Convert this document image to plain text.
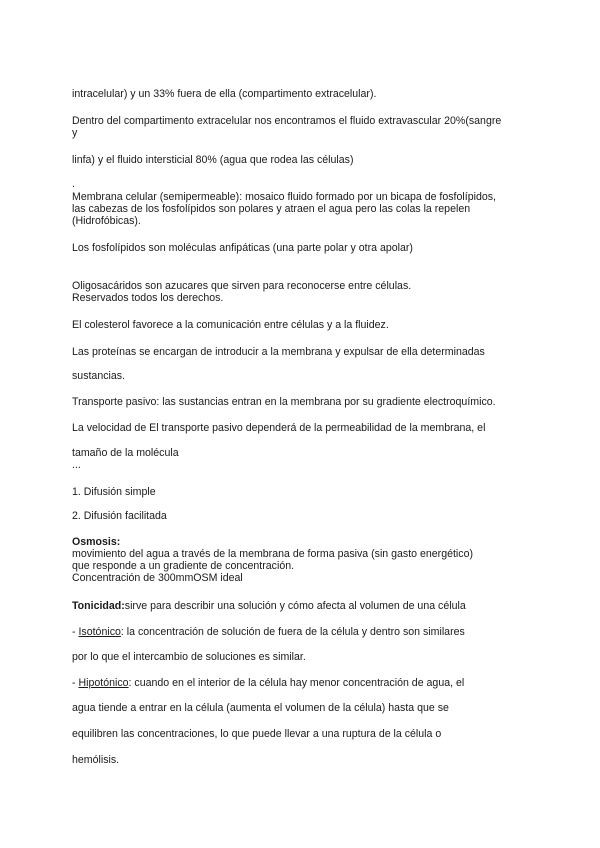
intracelular) y un 33% fuera de ella (compartimento extracelular).

Dentro del compartimento extracelular nos encontramos el fluido extravascular 20%(sangre

y

linfa) y el fluido intersticial 80% (agua que rodea las células)

.

Membrana celular (semipermeable): mosaico fluido formado por un bicapa de fosfolípidos,

las cabezas de los fosfolípidos son polares y atraen el agua pero las colas la repelen

(Hidrofóbicas).

Los fosfolípidos son moléculas anfipáticas (una parte polar y otra apolar)

Oligosacáridos son azucares que sirven para reconocerse entre células.

Reservados todos los derechos.

El colesterol favorece a la comunicación entre células y a la fluidez.

Las proteínas se encargan de introducir a la membrana y expulsar de ella determinadas

sustancias.

Transporte pasivo: las sustancias entran en la membrana por su gradiente electroquímico.

La velocidad de El transporte pasivo dependerá de la permeabilidad de la membrana, el

tamaño de la molécula

...

1. Difusión simple

2. Difusión facilitada

Osmosis:

movimiento del agua a través de la membrana de forma pasiva (sin gasto energético)

que responde a un gradiente de concentración.

Concentración de 300mmOSM ideal

Tonicidad:sirve para describir una solución y cómo afecta al volumen de una célula

- Isotónico: la concentración de solución de fuera de la célula y dentro son similares

por lo que el intercambio de soluciones es similar.

- Hipotónico: cuando en el interior de la célula hay menor concentración de agua, el

agua tiende a entrar en la célula (aumenta el volumen de la célula) hasta que se

equilibren las concentraciones, lo que puede llevar a una ruptura de la célula o

hemólisis.
